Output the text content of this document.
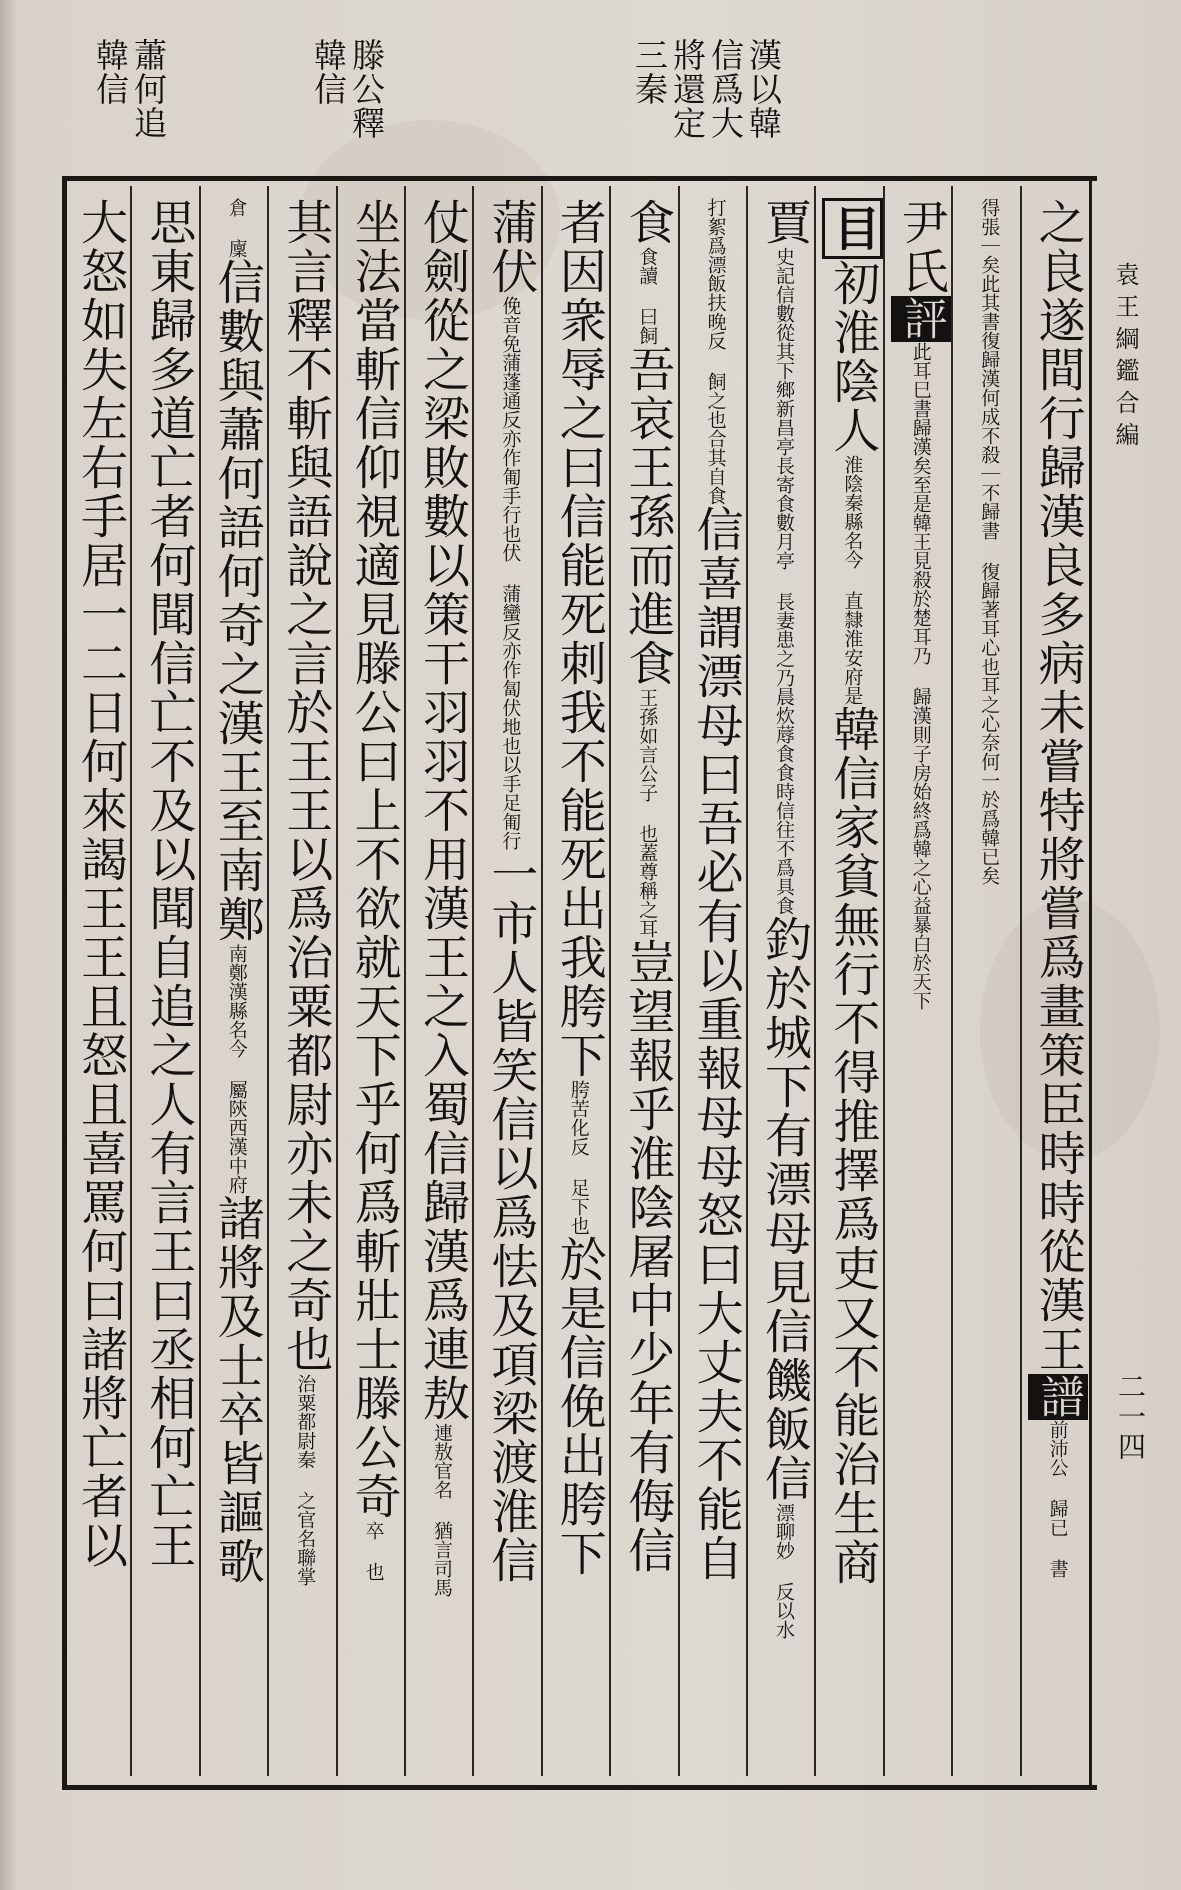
漢以韓
信爲大
將還定
三秦
滕公釋
韓信
蕭何追
韓信
袁王綱鑑合編
二一四
之良遂間行歸漢良多病未嘗特將嘗爲畫策臣時時從漢王譜前沛公 歸已 書
得張｜矣此其書復歸漢何成不殺｜不歸書 復歸著耳心也耳之心奈何一於爲韓已矣
尹氏評此耳巳書歸漢矣至是韓王見殺於楚耳乃 歸漢則子房始終爲韓之心益暴白於天下
目初淮陰人淮陰秦縣名今 直隸淮安府是韓信家貧無行不得推擇爲吏又不能治生商
賈史記信數從其下鄉新昌亭長寄食數月亭 長妻患之乃晨炊蓐食食時信往不爲具食釣於城下有漂母見信饑飯信漂聊妙 反以水
打絮爲漂飯扶晚反 飼之也合其自食信喜謂漂母曰吾必有以重報母母怒曰大丈夫不能自
食食讀 曰飼吾哀王孫而進食王孫如言公子 也蓋尊稱之耳豈望報乎淮陰屠中少年有侮信
者因衆辱之曰信能死刺我不能死出我胯下胯苦化反 足下也於是信俛出胯下
蒲伏俛音免蒲蓬通反亦作匍手行也伏 蒲蠻反亦作匐伏地也以手足匍行一市人皆笑信以爲怯及項梁渡淮信
仗劍從之梁敗數以策干羽羽不用漢王之入蜀信歸漢爲連敖連敖官名 猶言司馬
坐法當斬信仰視適見滕公曰上不欲就天下乎何爲斬壯士滕公奇卒 也
其言釋不斬與語說之言於王王以爲治粟都尉亦未之奇也治粟都尉秦 之官名聯掌
倉 廩信數與蕭何語何奇之漢王至南鄭南鄭漢縣名今 屬陝西漢中府諸將及士卒皆謳歌
思東歸多道亡者何聞信亡不及以聞自追之人有言王曰丞相何亡王
大怒如失左右手居一二日何來謁王王且怒且喜罵何曰諸將亡者以
